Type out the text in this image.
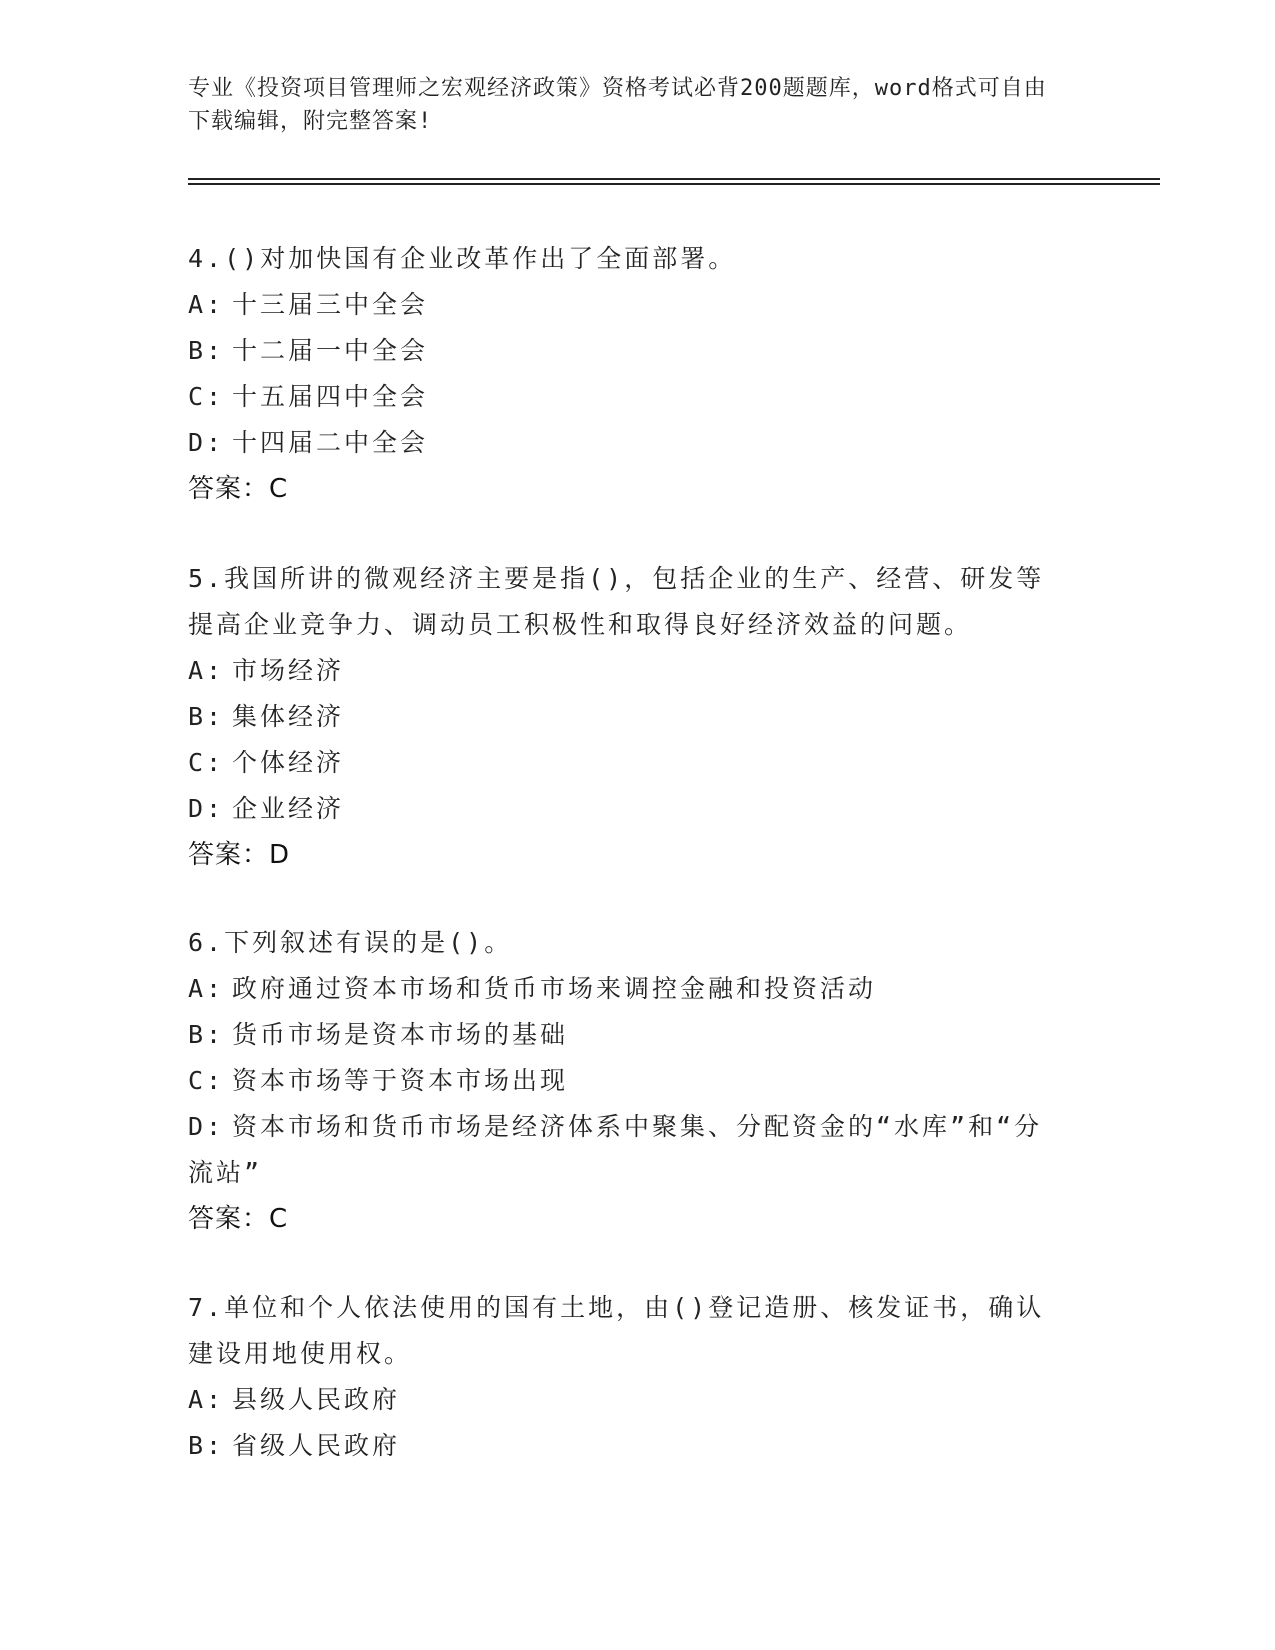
专业《投资项目管理师之宏观经济政策》资格考试必背200题题库，word格式可自由下载编辑，附完整答案!

4.()对加快国有企业改革作出了全面部署。

A: 十三届三中全会

B: 十二届一中全会

C: 十五届四中全会

D: 十四届二中全会

答案：C

5.我国所讲的微观经济主要是指()，包括企业的生产、经营、研发等提高企业竞争力、调动员工积极性和取得良好经济效益的问题。

A: 市场经济

B: 集体经济

C: 个体经济

D: 企业经济

答案：D

6.下列叙述有误的是()。

A: 政府通过资本市场和货币市场来调控金融和投资活动

B: 货币市场是资本市场的基础

C: 资本市场等于资本市场出现

D: 资本市场和货币市场是经济体系中聚集、分配资金的“水库”和“分流站”

答案：C

7.单位和个人依法使用的国有土地，由()登记造册、核发证书，确认建设用地使用权。

A: 县级人民政府

B: 省级人民政府
